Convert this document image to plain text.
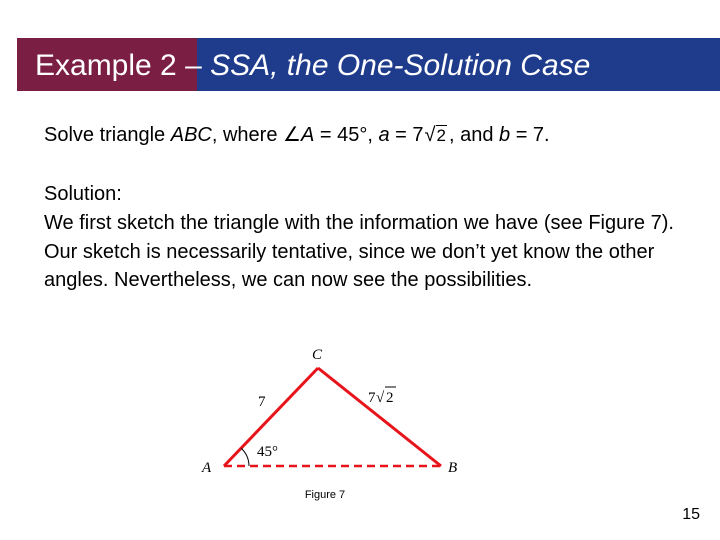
Example 2 – SSA, the One-Solution Case
Solve triangle ABC, where ∠A = 45°, a = 7√2 , and b = 7.
Solution:
We first sketch the triangle with the information we have (see Figure 7). Our sketch is necessarily tentative, since we don’t yet know the other angles. Nevertheless, we can now see the possibilities.
C
A	B
7	7 √ 2
45°
Figure 7
15
